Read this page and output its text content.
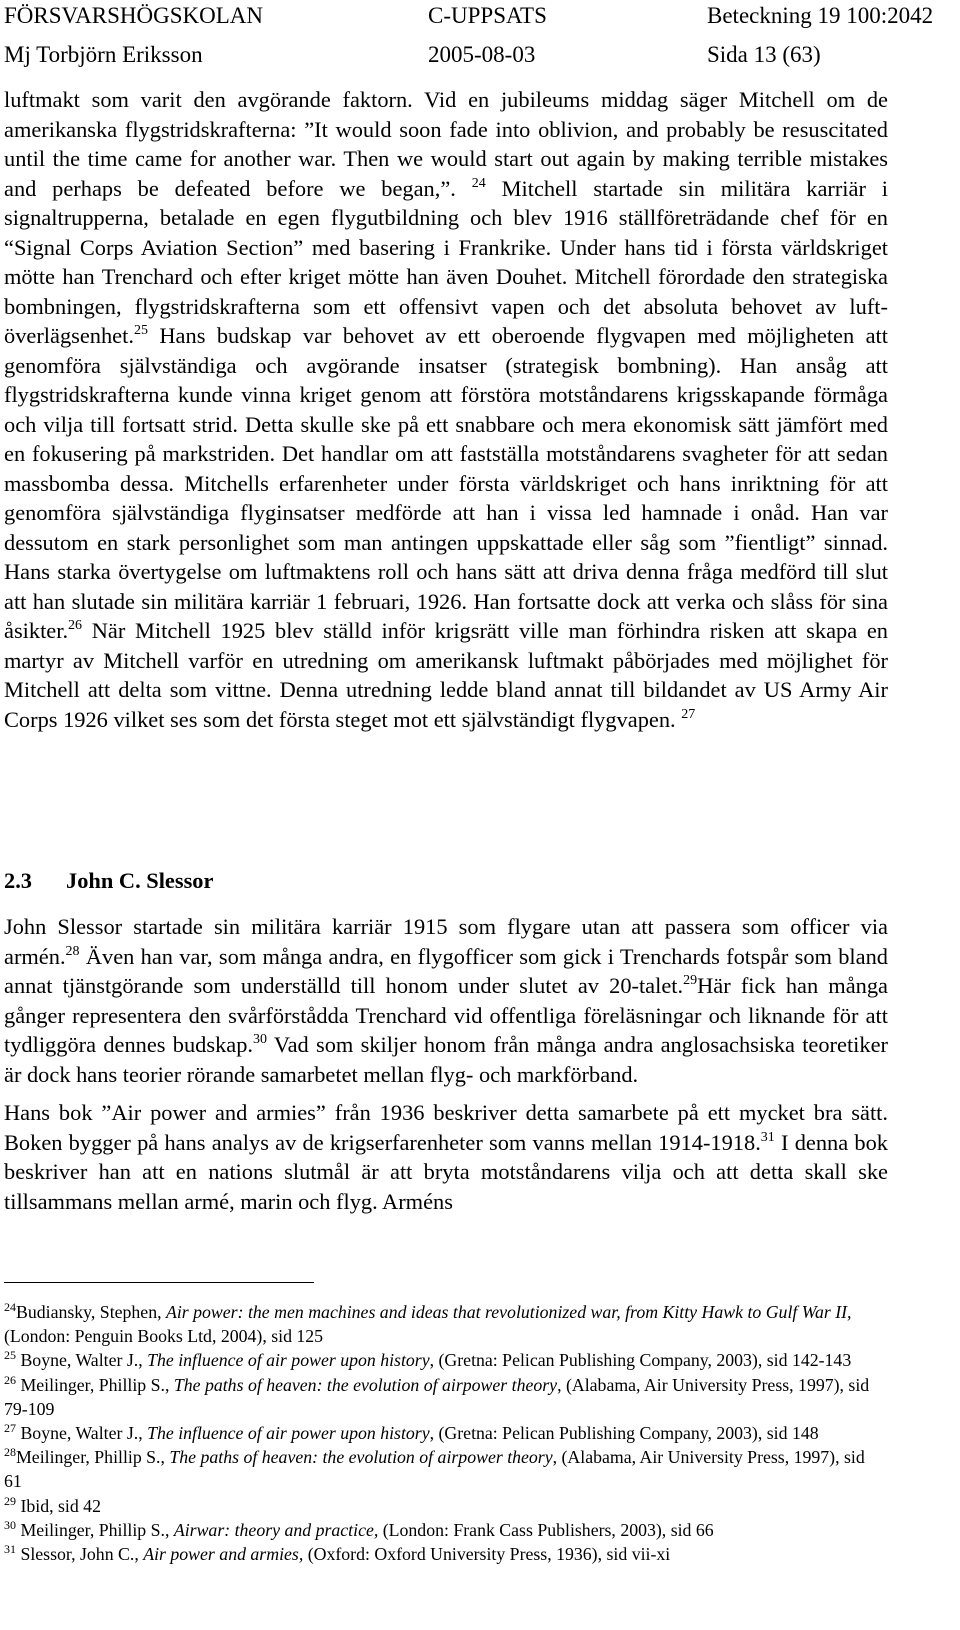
FÖRSVARSHÖGSKOLAN	C-UPPSATS	Beteckning 19 100:2042
Mj Torbjörn Eriksson	2005-08-03	Sida 13 (63)

luftmakt som varit den avgörande faktorn. Vid en jubileums middag säger Mitchell om de amerikanska flygstridskrafterna: ”It would soon fade into oblivion, and probably be resuscitated until the time came for another war. Then we would start out again by making terrible mistakes and perhaps be defeated before we began,”. $^{24}$ Mitchell startade sin militära karriär i signaltrupperna, betalade en egen flygutbildning och blev 1916 ställföreträdande chef för en “Signal Corps Aviation Section” med basering i Frankrike. Under hans tid i första världskriget mötte han Trenchard och efter kriget mötte han även Douhet. Mitchell förordade den strategiska bombningen, flygstridskrafterna som ett offensivt vapen och det absoluta behovet av luftöverlägsenhet.$^{25}$ Hans budskap var behovet av ett oberoende flygvapen med möjligheten att genomföra självständiga och avgörande insatser (strategisk bombning). Han ansåg att flygstridskrafterna kunde vinna kriget genom att förstöra motståndarens krigsskapande förmåga och vilja till fortsatt strid. Detta skulle ske på ett snabbare och mera ekonomisk sätt jämfört med en fokusering på markstriden. Det handlar om att fastställa motståndarens svagheter för att sedan massbomba dessa. Mitchells erfarenheter under första världskriget och hans inriktning för att genomföra självständiga flyginsatser medförde att han i vissa led hamnade i onåd. Han var dessutom en stark personlighet som man antingen uppskattade eller såg som ”fientligt” sinnad. Hans starka övertygelse om luftmaktens roll och hans sätt att driva denna fråga medförd till slut att han slutade sin militära karriär 1 februari, 1926. Han fortsatte dock att verka och slåss för sina åsikter.$^{26}$ När Mitchell 1925 blev ställd inför krigsrätt ville man förhindra risken att skapa en martyr av Mitchell varför en utredning om amerikansk luftmakt påbörjades med möjlighet för Mitchell att delta som vittne. Denna utredning ledde bland annat till bildandet av US Army Air Corps 1926 vilket ses som det första steget mot ett självständigt flygvapen. $^{27}$

2.3 John C. Slessor

John Slessor startade sin militära karriär 1915 som flygare utan att passera som officer via armén.$^{28}$ Även han var, som många andra, en flygofficer som gick i Trenchards fotspår som bland annat tjänstgörande som underställd till honom under slutet av 20-talet.$^{29}$Här fick han många gånger representera den svårförstådda Trenchard vid offentliga föreläsningar och liknande för att tydliggöra dennes budskap.$^{30}$ Vad som skiljer honom från många andra anglosachsiska teoretiker är dock hans teorier rörande samarbetet mellan flyg- och markförband.

Hans bok ”Air power and armies” från 1936 beskriver detta samarbete på ett mycket bra sätt. Boken bygger på hans analys av de krigserfarenheter som vanns mellan 1914-1918.31 I denna bok beskriver han att en nations slutmål är att bryta motståndarens vilja och att detta skall ske tillsammans mellan armé, marin och flyg. Arméns

$^{24}$Budiansky, Stephen, Air power: the men machines and ideas that revolutionized war, from Kitty Hawk to Gulf War II, (London: Penguin Books Ltd, 2004), sid 125

$^{25}$ Boyne, Walter J., The influence of air power upon history, (Gretna: Pelican Publishing Company, 2003), sid 142-143

$^{26}$ Meilinger, Phillip S., The paths of heaven: the evolution of airpower theory, (Alabama, Air University Press, 1997), sid 79-109

$^{27}$ Boyne, Walter J., The influence of air power upon history, (Gretna: Pelican Publishing Company, 2003), sid 148

$^{28}$Meilinger, Phillip S., The paths of heaven: the evolution of airpower theory, (Alabama, Air University Press, 1997), sid 61

$^{29}$ Ibid, sid 42

$^{30}$ Meilinger, Phillip S., Airwar: theory and practice, (London: Frank Cass Publishers, 2003), sid 66

$^{31}$ Slessor, John C., Air power and armies, (Oxford: Oxford University Press, 1936), sid vii-xi
